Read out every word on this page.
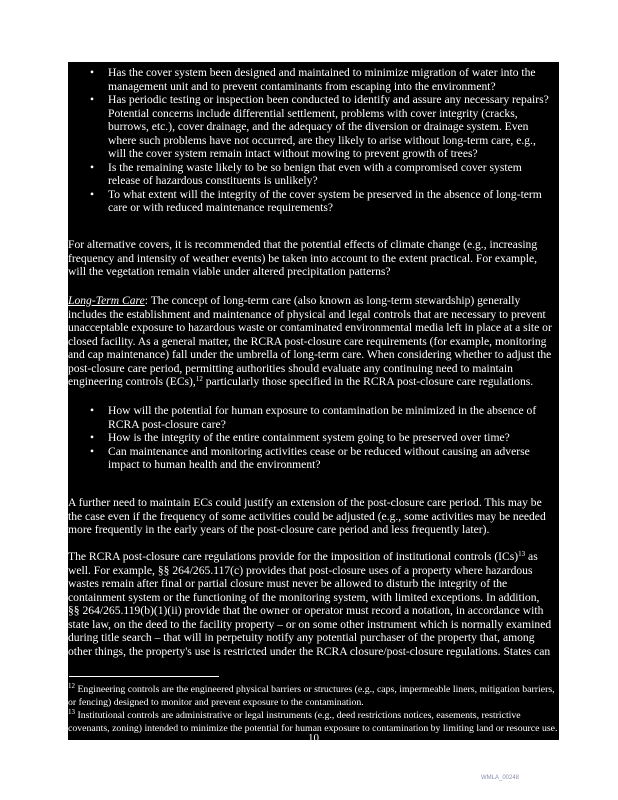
• Has the cover system been designed and maintained to minimize migration of water into the
management unit and to prevent contaminants from escaping into the environment?
• Has periodic testing or inspection been conducted to identify and assure any necessary repairs?
Potential concerns include differential settlement, problems with cover integrity (cracks,
burrows, etc.), cover drainage, and the adequacy of the diversion or drainage system. Even
where such problems have not occurred, are they likely to arise without long-term care, e.g.,
will the cover system remain intact without mowing to prevent growth of trees?
• Is the remaining waste likely to be so benign that even with a compromised cover system
release of hazardous constituents is unlikely?
• To what extent will the integrity of the cover system be preserved in the absence of long-term
care or with reduced maintenance requirements?
For alternative covers, it is recommended that the potential effects of climate change (e.g., increasing
frequency and intensity of weather events) be taken into account to the extent practical. For example,
will the vegetation remain viable under altered precipitation patterns?
Long-Term Care: The concept of long-term care (also known as long-term stewardship) generally
includes the establishment and maintenance of physical and legal controls that are necessary to prevent
unacceptable exposure to hazardous waste or contaminated environmental media left in place at a site or
closed facility. As a general matter, the RCRA post-closure care requirements (for example, monitoring
and cap maintenance) fall under the umbrella of long-term care. When considering whether to adjust the
post-closure care period, permitting authorities should evaluate any continuing need to maintain
engineering controls (ECs),$^{12}$ particularly those specified in the RCRA post-closure care regulations.
• How will the potential for human exposure to contamination be minimized in the absence of
RCRA post-closure care?
• How is the integrity of the entire containment system going to be preserved over time?
• Can maintenance and monitoring activities cease or be reduced without causing an adverse
impact to human health and the environment?
A further need to maintain ECs could justify an extension of the post-closure care period. This may be
the case even if the frequency of some activities could be adjusted (e.g., some activities may be needed
more frequently in the early years of the post-closure care period and less frequently later).
The RCRA post-closure care regulations provide for the imposition of institutional controls (ICs)$^{13}$ as
well. For example, §§ 264/265.117(c) provides that post-closure uses of a property where hazardous
wastes remain after final or partial closure must never be allowed to disturb the integrity of the
containment system or the functioning of the monitoring system, with limited exceptions. In addition,
§§ 264/265.119(b)(1)(ii) provide that the owner or operator must record a notation, in accordance with
state law, on the deed to the facility property – or on some other instrument which is normally examined
during title search – that will in perpetuity notify any potential purchaser of the property that, among
other things, the property's use is restricted under the RCRA closure/post-closure regulations. States can
$^{12}$ Engineering controls are the engineered physical barriers or structures (e.g., caps, impermeable liners, mitigation barriers,
or fencing) designed to monitor and prevent exposure to the contamination.
$^{13}$ Institutional controls are administrative or legal instruments (e.g., deed restrictions notices, easements, restrictive
covenants, zoning) intended to minimize the potential for human exposure to contamination by limiting land or resource use.
10
WMLA_00248
